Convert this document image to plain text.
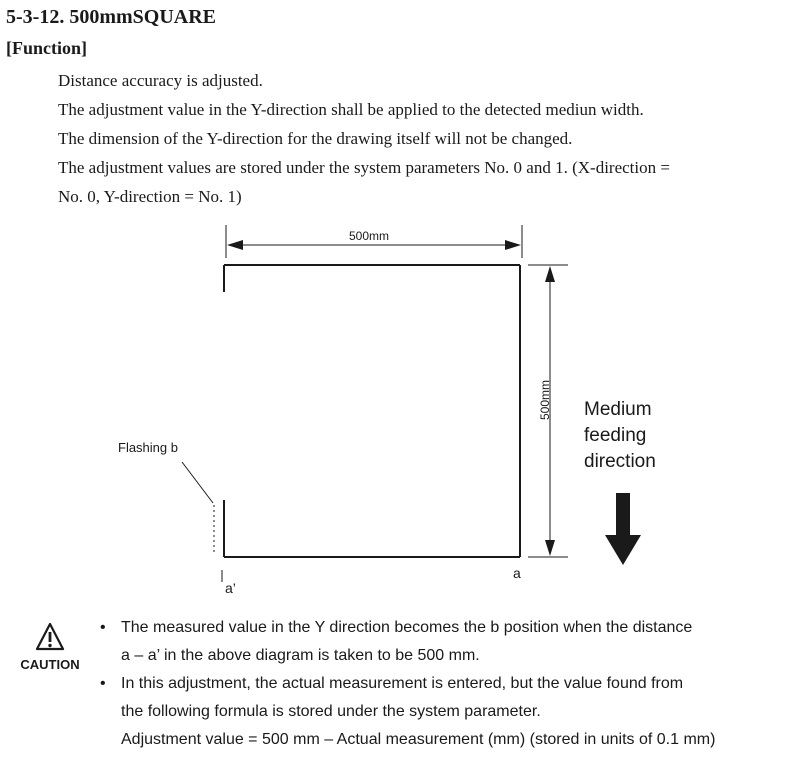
5-3-12. 500mmSQUARE
[Function]
Distance accuracy is adjusted.
The adjustment value in the Y-direction shall be applied to the detected mediun width.
The dimension of the Y-direction for the drawing itself will not be changed.
The adjustment values are stored under the system parameters No. 0 and 1. (X-direction =
No. 0, Y-direction = No. 1)
500mm
500mm
Flashing b
a
a’
Medium
feeding
direction
CAUTION
• The measured value in the Y direction becomes the b position when the distance
a – a’ in the above diagram is taken to be 500 mm.
• In this adjustment, the actual measurement is entered, but the value found from
the following formula is stored under the system parameter.
Adjustment value = 500 mm – Actual measurement (mm) (stored in units of 0.1 mm)
